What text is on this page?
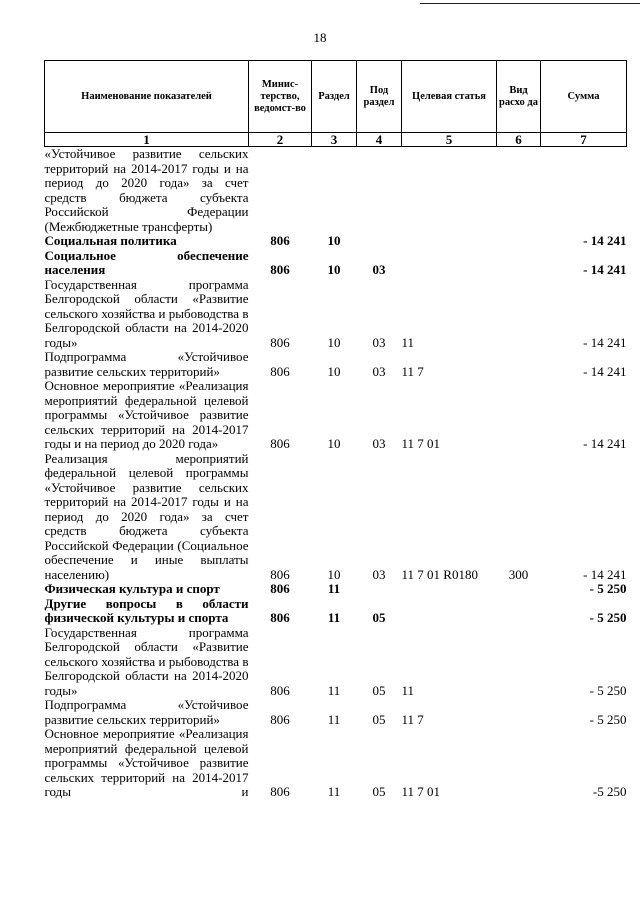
18
Наименование показателей	Минис-терство, ведомст-во	Раздел	Под раздел	Целевая статья	Вид расхо да	Сумма
1	2	3	4	5	6	7
«Устойчивое развитие сельских территорий на 2014-2017 годы и на период до 2020 года» за счет средств бюджета субъекта Российской Федерации (Межбюджетные трансферты)						
Социальная политика	806	10				- 14 241
Социальное обеспечение населения	806	10	03			- 14 241
Государственная программа Белгородской области «Развитие сельского хозяйства и рыбоводства в Белгородской области на 2014-2020 годы»	806	10	03	11		- 14 241
Подпрограмма «Устойчивое развитие сельских территорий»	806	10	03	11 7		- 14 241
Основное мероприятие «Реализация мероприятий федеральной целевой программы «Устойчивое развитие сельских территорий на 2014-2017 годы и на период до 2020 года»	806	10	03	11 7 01		- 14 241
Реализация мероприятий федеральной целевой программы «Устойчивое развитие сельских территорий на 2014-2017 годы и на период до 2020 года» за счет средств бюджета субъекта Российской Федерации (Социальное обеспечение и иные выплаты населению)	806	10	03	11 7 01 R0180	300	- 14 241
Физическая культура и спорт	806	11				- 5 250
Другие вопросы в области физической культуры и спорта	806	11	05			- 5 250
Государственная программа Белгородской области «Развитие сельского хозяйства и рыбоводства в Белгородской области на 2014-2020 годы»	806	11	05	11		- 5 250
Подпрограмма «Устойчивое развитие сельских территорий»	806	11	05	11 7		- 5 250
Основное мероприятие «Реализация мероприятий федеральной целевой программы «Устойчивое развитие сельских территорий на 2014-2017 годы и	806	11	05	11 7 01		-5 250
